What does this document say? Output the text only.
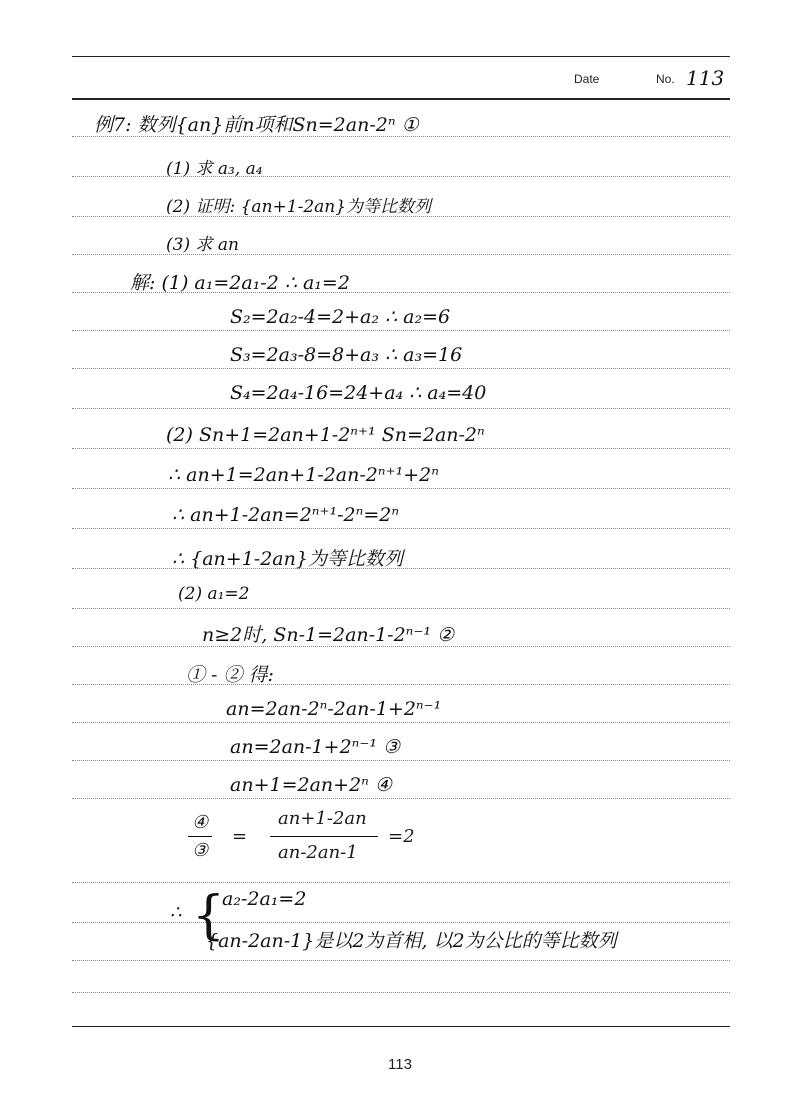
Date	No. 113
例7: 数列{an}前n项和Sn=2an-2ⁿ ①
(1) 求 a₃, a₄
(2) 证明: {an+1-2an}为等比数列
(3) 求 an
解: (1) a₁=2a₁-2 ∴ a₁=2
S₂=2a₂-4=2+a₂ ∴ a₂=6
S₃=2a₃-8=8+a₃ ∴ a₃=16
S₄=2a₄-16=24+a₄ ∴ a₄=40
(2) Sn+1=2an+1-2ⁿ⁺¹ Sn=2an-2ⁿ
∴ an+1=2an+1-2an-2ⁿ⁺¹+2ⁿ
∴ an+1-2an=2ⁿ⁺¹-2ⁿ=2ⁿ
∴ {an+1-2an}为等比数列
(2) a₁=2
n≥2时, Sn-1=2an-1-2ⁿ⁻¹ ②
① - ② 得:
an=2an-2ⁿ-2an-1+2ⁿ⁻¹
an=2an-1+2ⁿ⁻¹ ③
an+1=2an+2ⁿ ④
④
③
=
an+1-2an
an-2an-1
=2
∴ {
a₂-2a₁=2
{an-2an-1}是以2为首相, 以2为公比的等比数列
113
